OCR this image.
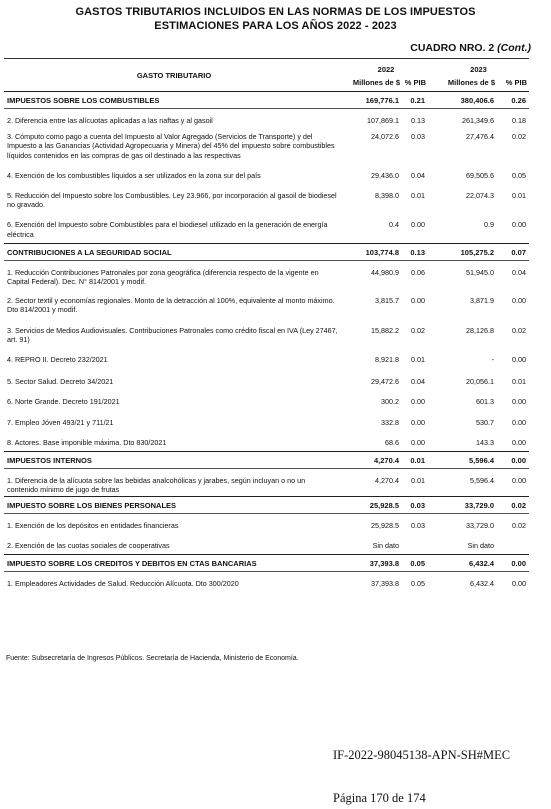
GASTOS TRIBUTARIOS INCLUIDOS EN LAS NORMAS DE LOS IMPUESTOS
ESTIMACIONES PARA LOS AÑOS 2022 - 2023
CUADRO NRO. 2 (Cont.)
GASTO TRIBUTARIO	2022		2023	
	Millones de $	% PIB	Millones de $	% PIB
IMPUESTOS SOBRE LOS COMBUSTIBLES	169,776.1	0.21	380,406.6	0.26
2. Diferencia entre las alícuotas aplicadas a las naftas y al gasoil	107,869.1	0.13	261,349.6	0.18
3. Cómputo como pago a cuenta del Impuesto al Valor Agregado (Servicios de Transporte) y del Impuesto a las Ganancias (Actividad Agropecuaria y Minera) del 45% del impuesto sobre combustibles líquidos contenidos en las compras de gas oil destinado a las respectivas	24,072.6	0.03	27,476.4	0.02
4. Exención de los combustibles líquidos a ser utilizados en la zona sur del país	29,436.0	0.04	69,505.6	0.05
5. Reducción del Impuesto sobre los Combustibles. Ley 23.966, por incorporación al gasoil de biodiesel no gravado.	8,398.0	0.01	22,074.3	0.01
6. Exención del Impuesto sobre Combustibles para el biodiesel utilizado en la generación de energía eléctrica	0.4	0.00	0.9	0.00
CONTRIBUCIONES A LA SEGURIDAD SOCIAL	103,774.8	0.13	105,275.2	0.07
1. Reducción Contribuciones Patronales por zona geográfica (diferencia respecto de la vigente en Capital Federal). Dec. N° 814/2001 y modif.	44,980.9	0.06	51,945.0	0.04
2. Sector textil y economías regionales. Monto de la detracción al 100%, equivalente al monto máximo. Dto 814/2001 y modif.	3,815.7	0.00	3,871.9	0.00
3. Servicios de Medios Audiovisuales. Contribuciones Patronales como crédito fiscal en IVA (Ley 27467, art. 91)	15,882.2	0.02	28,126.8	0.02
4. REPRO II. Decreto 232/2021	8,921.8	0.01	-	0.00
5. Sector Salud. Decreto 34/2021	29,472.6	0.04	20,056.1	0.01
6. Norte Grande. Decreto 191/2021	300.2	0.00	601.3	0.00
7. Empleo Jóven 493/21 y 711/21	332.8	0.00	530.7	0.00
8. Actores. Base imponible máxima. Dto 830/2021	68.6	0.00	143.3	0.00
IMPUESTOS INTERNOS	4,270.4	0.01	5,596.4	0.00
1. Diferencia de la alícuota sobre las bebidas analcohólicas y jarabes, según incluyan o no un contenido mínimo de jugo de frutas	4,270.4	0.01	5,596.4	0.00
IMPUESTO SOBRE LOS BIENES PERSONALES	25,928.5	0.03	33,729.0	0.02
1. Exención de los depósitos en entidades financieras	25,928.5	0.03	33,729.0	0.02
2. Exención de las cuotas sociales de cooperativas	Sin dato		Sin dato	
IMPUESTO SOBRE LOS CREDITOS Y DEBITOS EN CTAS BANCARIAS	37,393.8	0.05	6,432.4	0.00
1. Empleadores Actividades de Salud. Reducción Alícuota. Dto 300/2020	37,393.8	0.05	6,432.4	0.00
Fuente: Subsecretaría de Ingresos Públicos. Secretaría de Hacienda, Ministerio de Economía.
IF-2022-98045138-APN-SH#MEC
Página 170 de 174
